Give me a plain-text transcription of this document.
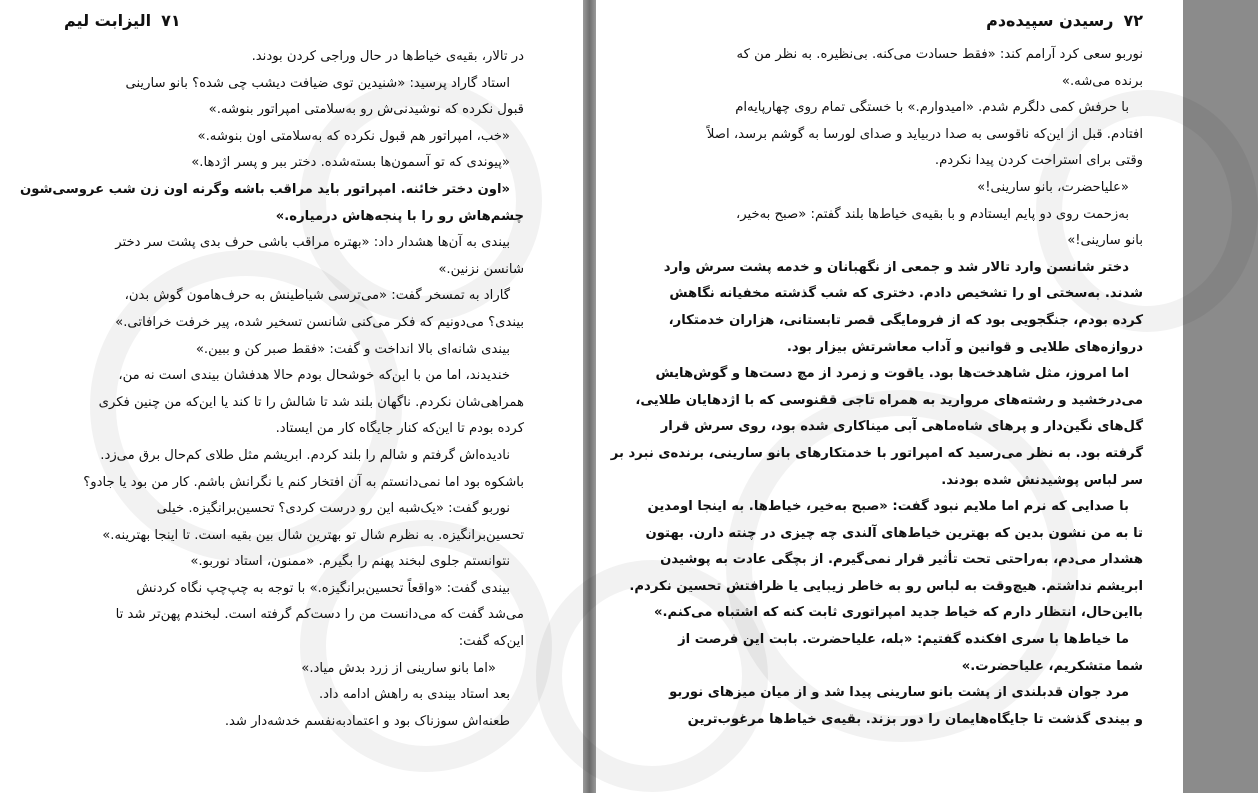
۷۱
الیزابت لیم
در تالار، بقیه‌ی خیاط‌ها در حال وراجی کردن بودند.
استاد گاراد پرسید: «شنیدین توی ضیافت دیشب چی شده؟ بانو سارینی
قبول نکرده که نوشیدنی‌ش رو به‌سلامتی امپراتور بنوشه.»
«خب، امپراتور هم قبول نکرده که به‌سلامتی اون بنوشه.»
«پیوندی که تو آسمون‌ها بسته‌شده. دختر ببر و پسر اژدها.»
«اون دختر خائنه. امپراتور باید مراقب باشه وگرنه اون زن شب عروسی‌شون
چشم‌هاش رو را با پنجه‌هاش درمیاره.»
بیندی به آن‌ها هشدار داد: «بهتره مراقب باشی حرف بدی پشت سر دختر
شانسن نزنین.»
گاراد به تمسخر گفت: «می‌ترسی شیاطینش به حرف‌هامون گوش بدن،
بیندی؟ می‌دونیم که فکر می‌کنی شانسن تسخیر شده، پیر خرفت خرافاتی.»
بیندی شانه‌ای بالا انداخت و گفت: «فقط صبر کن و ببین.»
خندیدند، اما من با این‌که خوشحال بودم حالا هدفشان بیندی است نه من،
همراهی‌شان نکردم. ناگهان بلند شد تا شالش را تا کند یا این‌که من چنین فکری
کرده بودم تا این‌که کنار جایگاه کار من ایستاد.
نادیده‌اش گرفتم و شالم را بلند کردم. ابریشم مثل طلای کم‌حال برق می‌زد.
باشکوه بود اما نمی‌دانستم به آن افتخار کنم یا نگرانش باشم. کار من بود یا جادو؟
نوربو گفت: «یک‌شبه این رو درست کردی؟ تحسین‌برانگیزه. خیلی
تحسین‌برانگیزه. به نظرم شال تو بهترین شال بین بقیه است. تا اینجا بهترینه.»
نتوانستم جلوی لبخند پهنم را بگیرم. «ممنون، استاد نوربو.»
بیندی گفت: «واقعاً تحسین‌برانگیزه.» با توجه به چپ‌چپ نگاه کردنش
می‌شد گفت که می‌دانست من را دست‌کم گرفته است. لبخندم پهن‌تر شد تا
این‌که گفت:
«اما بانو سارینی از زرد بدش میاد.»
بعد استاد بیندی به راهش ادامه داد.
طعنه‌اش سوزناک بود و اعتمادبه‌نفسم خدشه‌دار شد.
۷۲
رسیدن سپیده‌دم
نوربو سعی کرد آرامم کند: «فقط حسادت می‌کنه. بی‌نظیره. به نظر من که
برنده می‌شه.»
با حرفش کمی دلگرم شدم. «امیدوارم.» با خستگی تمام روی چهارپایه‌ام
افتادم. قبل از این‌که ناقوسی به صدا دربیاید و صدای لورسا به گوشم برسد، اصلاً
وقتی برای استراحت کردن پیدا نکردم.
«علیاحضرت، بانو سارینی!»
به‌زحمت روی دو پایم ایستادم و با بقیه‌ی خیاط‌ها بلند گفتم: «صبح به‌خیر،
بانو سارینی!»
دختر شانسن وارد تالار شد و جمعی از نگهبانان و خدمه پشت سرش وارد
شدند. به‌سختی او را تشخیص دادم. دختری که شب گذشته مخفیانه نگاهش
کرده بودم، جنگجویی بود که از فرومایگی قصر تابستانی، هزاران خدمتکار،
دروازه‌های طلایی و قوانین و آداب معاشرتش بیزار بود.
اما امروز، مثل شاهدخت‌ها بود. یاقوت و زمرد از مچ دست‌ها و گوش‌هایش
می‌درخشید و رشته‌های مروارید به همراه تاجی ققنوسی که با اژدهایان طلایی،
گل‌های نگین‌دار و پرهای شاه‌ماهی آبی میناکاری شده بود، روی سرش قرار
گرفته بود. به نظر می‌رسید که امپراتور با خدمتکارهای بانو سارینی، برنده‌ی نبرد بر
سر لباس پوشیدنش شده بودند.
با صدایی که نرم اما ملایم نبود گفت: «صبح به‌خیر، خیاط‌ها. به اینجا اومدین
تا به من نشون بدین که بهترین خیاط‌های آلندی چه چیزی در چنته دارن. بهتون
هشدار می‌دم، به‌راحتی تحت تأثیر قرار نمی‌گیرم. از بچگی عادت به پوشیدن
ابریشم نداشتم. هیچ‌وقت به لباس رو به خاطر زیبایی یا ظرافتش تحسین نکردم.
با‌این‌حال، انتظار دارم که خیاط جدید امپراتوری ثابت کنه که اشتباه می‌کنم.»
ما خیاط‌ها با سری افکنده گفتیم: «بله، علیاحضرت. بابت این فرصت از
شما متشکریم، علیاحضرت.»
مرد جوان قدبلندی از پشت بانو سارینی پیدا شد و از میان میزهای نوربو
و بیندی گذشت تا جایگاه‌هایمان را دور بزند. بقیه‌ی خیاط‌ها مرغوب‌ترین
